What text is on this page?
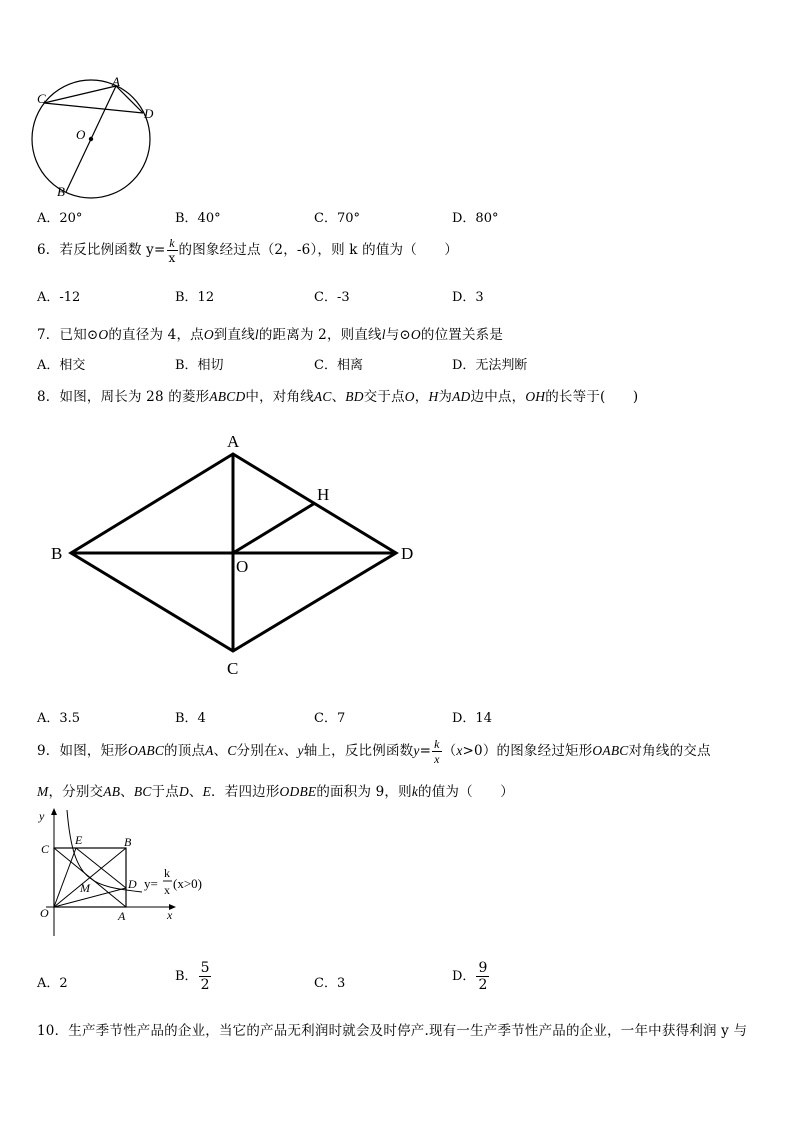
C
A
D
O
B
A．20°	B．40°	C．70°	D．80°
6．若反比例函数 $y= \frac{k}{x}$ 的图象经过点（2，-6），则 k 的值为（　　）
A．-12	B．12	C．-3	D．3
7．已知⊙O的直径为 4，点O到直线l的距离为 2，则直线l与⊙O的位置关系是
A．相交	B．相切	C．相离	D．无法判断
8．如图，周长为 28 的菱形ABCD中，对角线AC、BD交于点O，H为AD边中点，OH的长等于(　　)
A
B
C
D
O
H
A．3.5	B．4	C．7	D．14
9．如图，矩形OABC的顶点A、C分别在x、y轴上，反比例函数$y= \frac{k}{x} (x>0)$的图象经过矩形OABC对角线的交点
M，分别交AB、BC于点D、E．若四边形ODBE的面积为 9，则k的值为（　　）
y
x
C
E	B
M	D
O	A
y=
k
x (x>0)
A．2	B． $\frac{5}{2}$	C．3	D． $\frac{9}{2}$
10．生产季节性产品的企业，当它的产品无利润时就会及时停产.现有一生产季节性产品的企业，一年中获得利润 y 与
